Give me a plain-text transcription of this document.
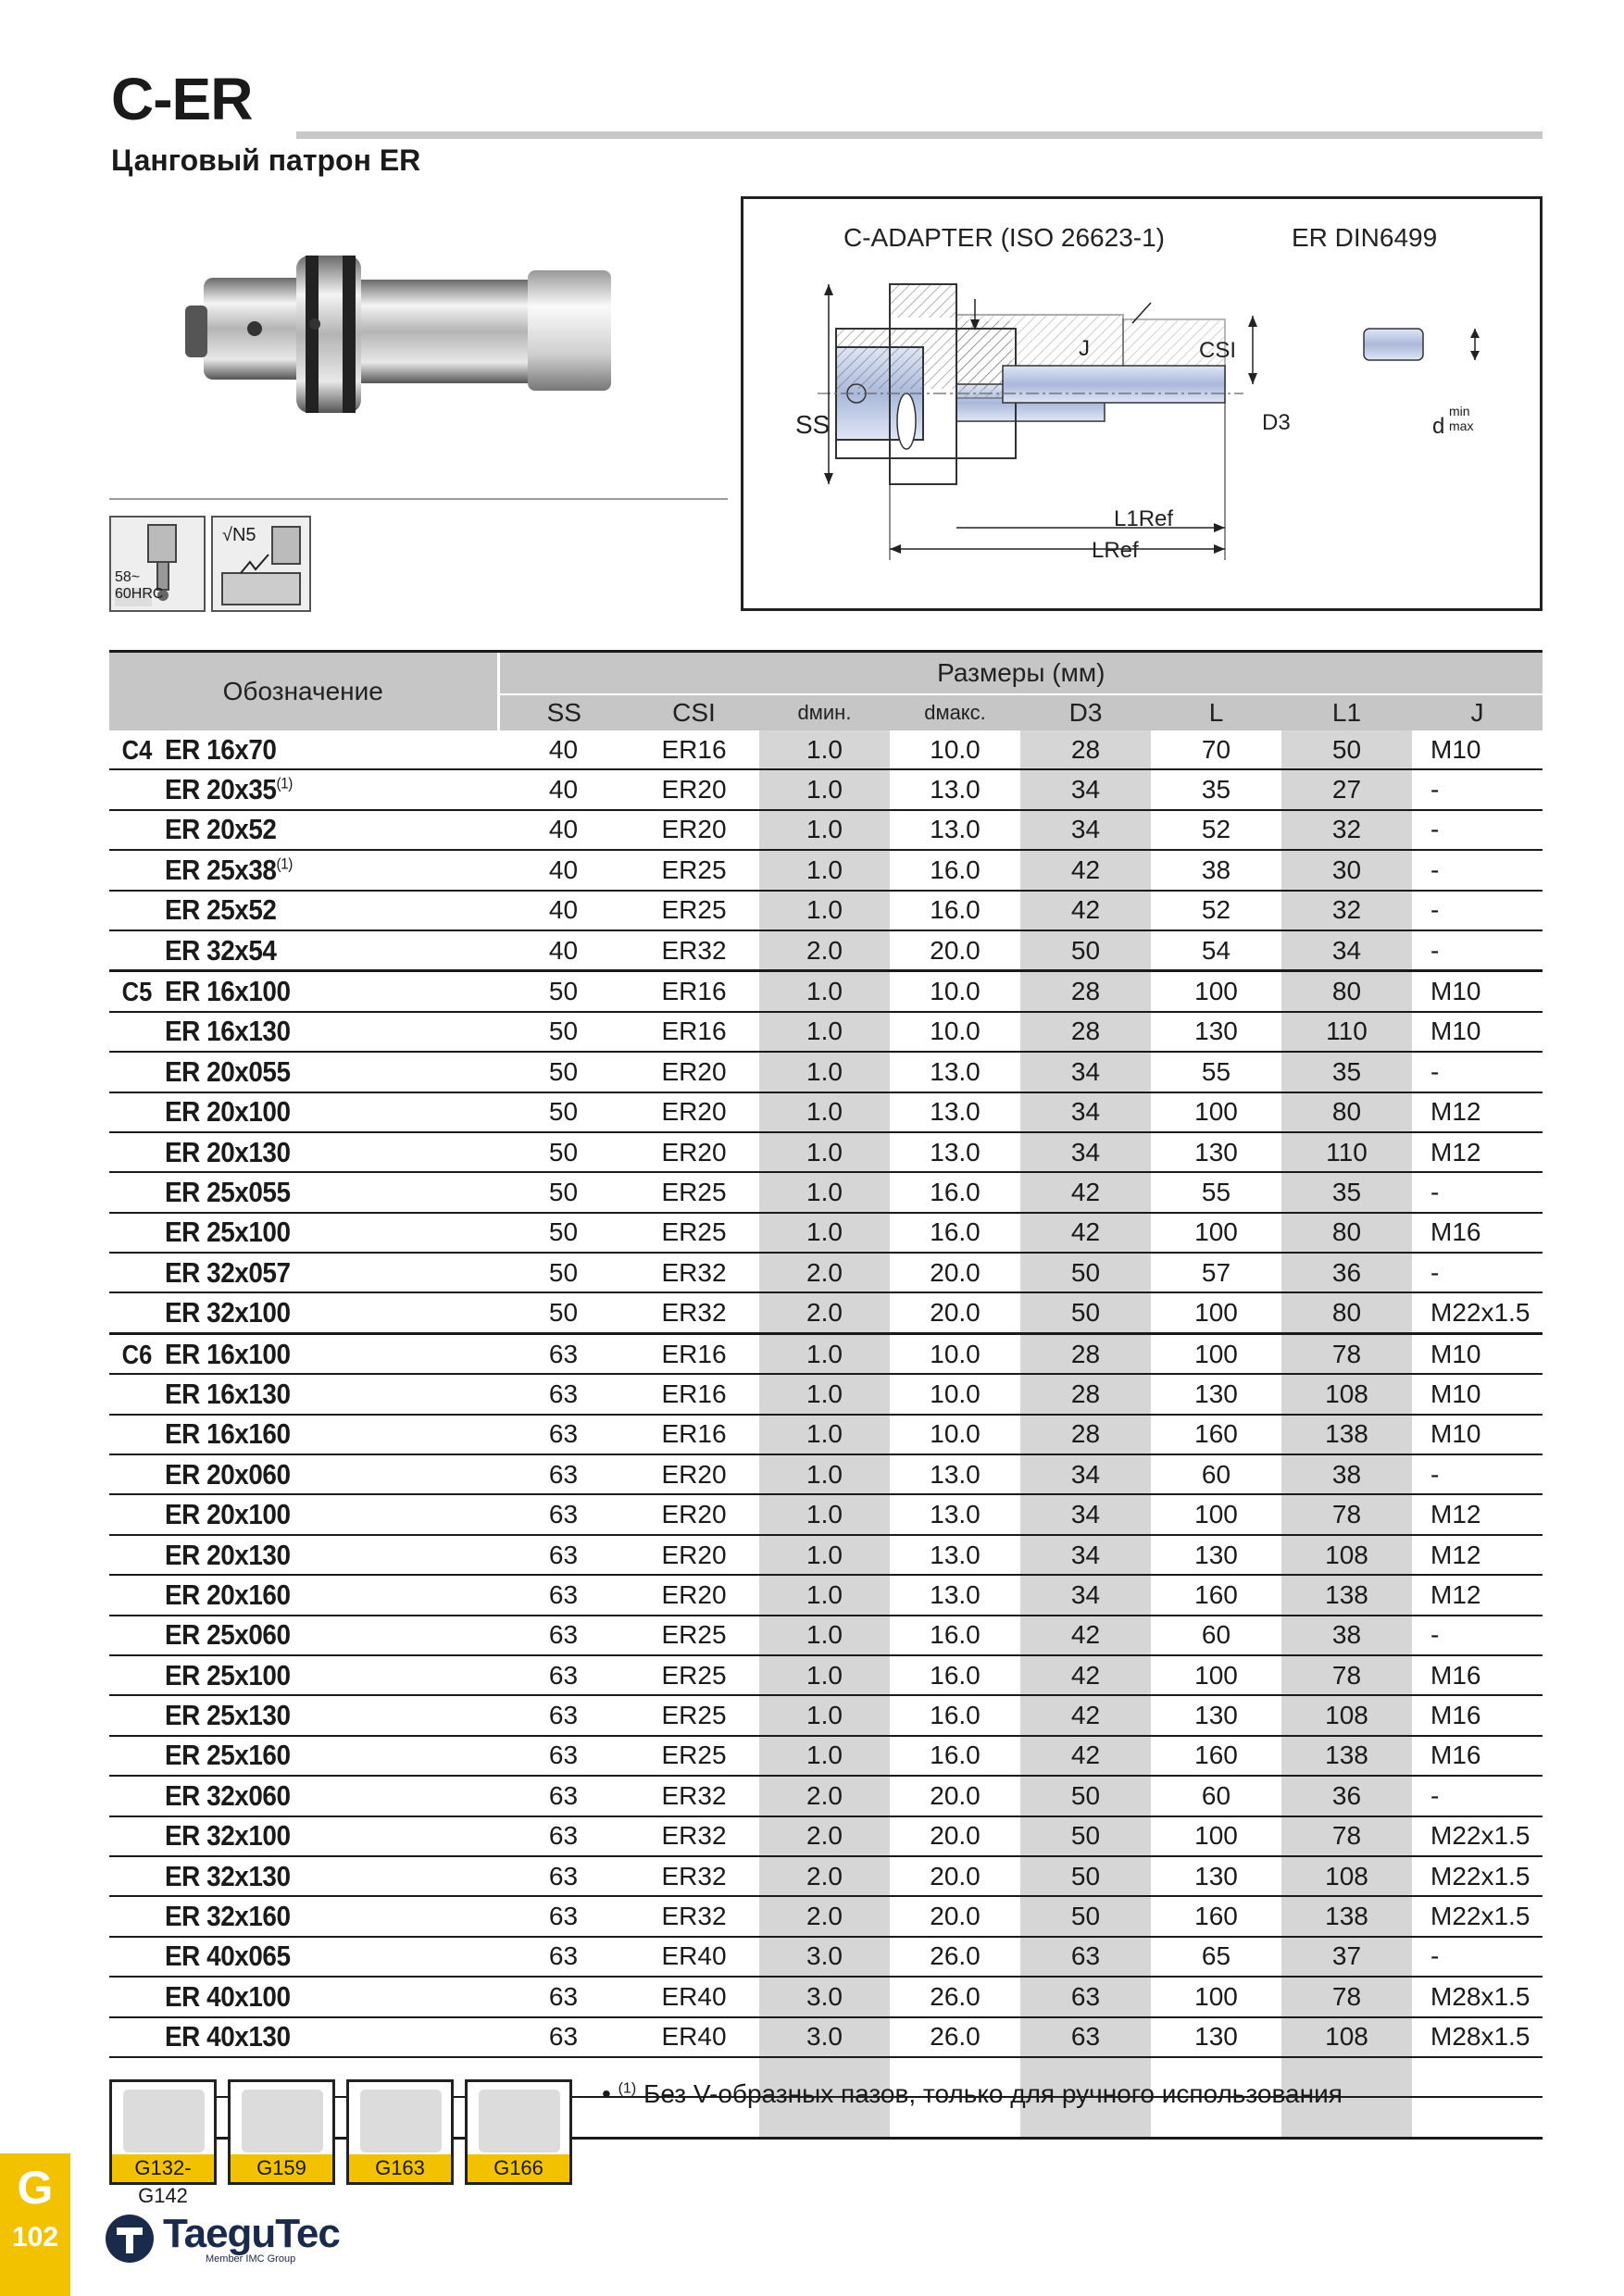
C-ER
Цанговый патрон ER
58~
60HRC
√N5
C-ADAPTER (ISO 26623-1)	ER DIN6499
SS
J	CSI
D3
L1Ref
LRef
d
min
max
Обозначение	Размеры (мм)							
	SS	CSI	dмин.	dмакс.	D3	L	L1	J
C4 ER 16x70	40	ER16	1.0	10.0	28	70	50	M10
ER 20x35$^{(1)}$	40	ER20	1.0	13.0	34	35	27	-
ER 20x52	40	ER20	1.0	13.0	34	52	32	-
ER 25x38$^{(1)}$	40	ER25	1.0	16.0	42	38	30	-
ER 25x52	40	ER25	1.0	16.0	42	52	32	-
ER 32x54	40	ER32	2.0	20.0	50	54	34	-
C5 ER 16x100	50	ER16	1.0	10.0	28	100	80	M10
ER 16x130	50	ER16	1.0	10.0	28	130	110	M10
ER 20x055	50	ER20	1.0	13.0	34	55	35	-
ER 20x100	50	ER20	1.0	13.0	34	100	80	M12
ER 20x130	50	ER20	1.0	13.0	34	130	110	M12
ER 25x055	50	ER25	1.0	16.0	42	55	35	-
ER 25x100	50	ER25	1.0	16.0	42	100	80	M16
ER 32x057	50	ER32	2.0	20.0	50	57	36	-
ER 32x100	50	ER32	2.0	20.0	50	100	80	M22x1.5
C6 ER 16x100	63	ER16	1.0	10.0	28	100	78	M10
ER 16x130	63	ER16	1.0	10.0	28	130	108	M10
ER 16x160	63	ER16	1.0	10.0	28	160	138	M10
ER 20x060	63	ER20	1.0	13.0	34	60	38	-
ER 20x100	63	ER20	1.0	13.0	34	100	78	M12
ER 20x130	63	ER20	1.0	13.0	34	130	108	M12
ER 20x160	63	ER20	1.0	13.0	34	160	138	M12
ER 25x060	63	ER25	1.0	16.0	42	60	38	-
ER 25x100	63	ER25	1.0	16.0	42	100	78	M16
ER 25x130	63	ER25	1.0	16.0	42	130	108	M16
ER 25x160	63	ER25	1.0	16.0	42	160	138	M16
ER 32x060	63	ER32	2.0	20.0	50	60	36	-
ER 32x100	63	ER32	2.0	20.0	50	100	78	M22x1.5
ER 32x130	63	ER32	2.0	20.0	50	130	108	M22x1.5
ER 32x160	63	ER32	2.0	20.0	50	160	138	M22x1.5
ER 40x065	63	ER40	3.0	26.0	63	65	37	-
ER 40x100	63	ER40	3.0	26.0	63	100	78	M28x1.5
ER 40x130	63	ER40	3.0	26.0	63	130	108	M28x1.5

G132-G142
G159	G163	G166
• $^{(1)}$ Без V-образных пазов, только для ручного использования
G
102	TaeguTec
Member IMC Group
